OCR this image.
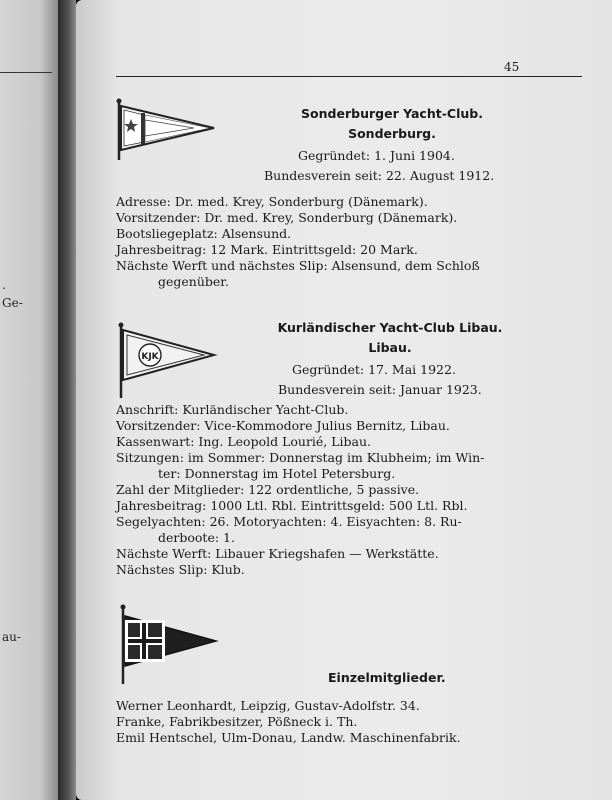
.
Ge-
au-
45
Sonderburger Yacht-Club.
Sonderburg.
Gegründet: 1. Juni 1904.
Bundesverein seit: 22. August 1912.
Adresse: Dr. med. Krey, Sonderburg (Dänemark).
Vorsitzender: Dr. med. Krey, Sonderburg (Dänemark).
Bootsliegeplatz: Alsensund.
Jahresbeitrag: 12 Mark. Eintrittsgeld: 20 Mark.
Nächste Werft und nächstes Slip: Alsensund, dem Schloß
gegenüber.
KJK
Kurländischer Yacht-Club Libau.
Libau.
Gegründet: 17. Mai 1922.
Bundesverein seit: Januar 1923.
Anschrift: Kurländischer Yacht-Club.
Vorsitzender: Vice-Kommodore Julius Bernitz, Libau.
Kassenwart: Ing. Leopold Lourié, Libau.
Sitzungen: im Sommer: Donnerstag im Klubheim; im Win-
ter: Donnerstag im Hotel Petersburg.
Zahl der Mitglieder: 122 ordentliche, 5 passive.
Jahresbeitrag: 1000 Ltl. Rbl. Eintrittsgeld: 500 Ltl. Rbl.
Segelyachten: 26. Motoryachten: 4. Eisyachten: 8. Ru-
derboote: 1.
Nächste Werft: Libauer Kriegshafen — Werkstätte.
Nächstes Slip: Klub.
Einzelmitglieder.
Werner Leonhardt, Leipzig, Gustav-Adolfstr. 34.
Franke, Fabrikbesitzer, Pößneck i. Th.
Emil Hentschel, Ulm-Donau, Landw. Maschinenfabrik.
